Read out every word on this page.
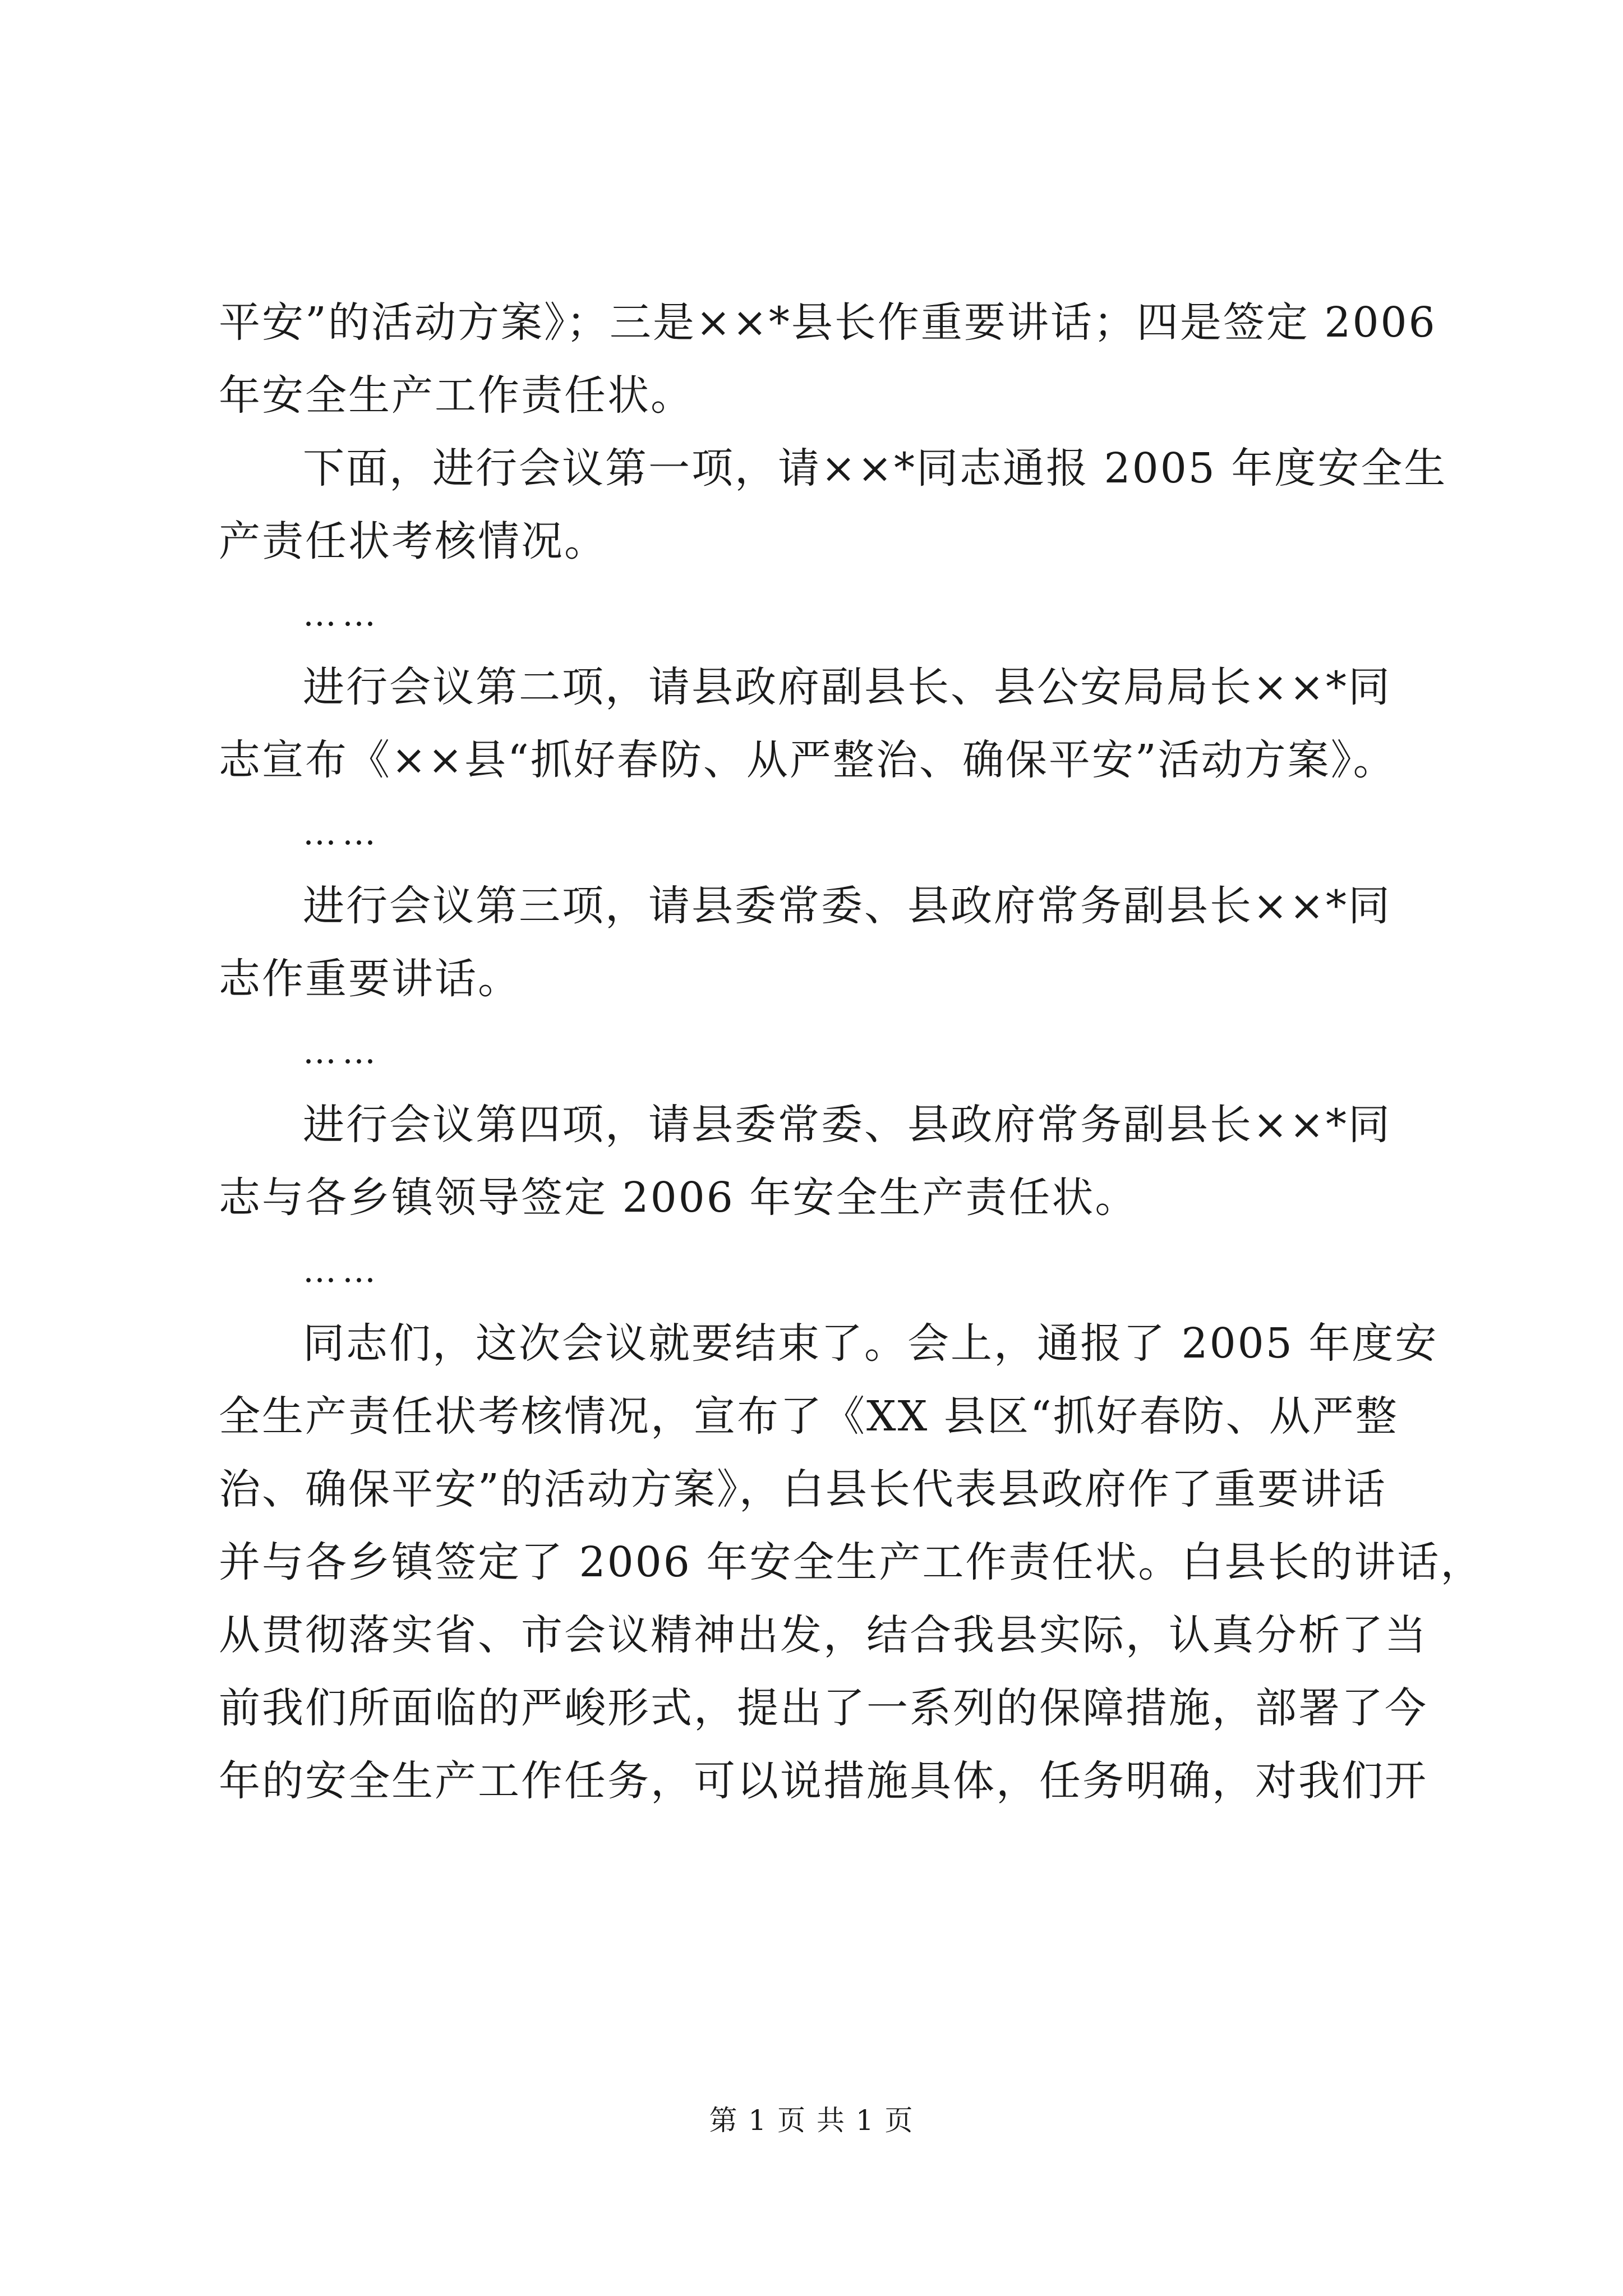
平安”的活动方案》；三是××*县长作重要讲话；四是签定 2006
年安全生产工作责任状。
下面，进行会议第一项，请××*同志通报 2005 年度安全生
产责任状考核情况。
……
进行会议第二项，请县政府副县长、县公安局局长××*同
志宣布《××县“抓好春防、从严整治、确保平安”活动方案》。
……
进行会议第三项，请县委常委、县政府常务副县长××*同
志作重要讲话。
……
进行会议第四项，请县委常委、县政府常务副县长××*同
志与各乡镇领导签定 2006 年安全生产责任状。
……
同志们，这次会议就要结束了。会上，通报了 2005 年度安
全生产责任状考核情况，宣布了《XX 县区“抓好春防、从严整
治、确保平安”的活动方案》，白县长代表县政府作了重要讲话
并与各乡镇签定了 2006 年安全生产工作责任状。白县长的讲话，
从贯彻落实省、市会议精神出发，结合我县实际，认真分析了当
前我们所面临的严峻形式，提出了一系列的保障措施，部署了今
年的安全生产工作任务，可以说措施具体，任务明确，对我们开
第 1 页 共 1 页
